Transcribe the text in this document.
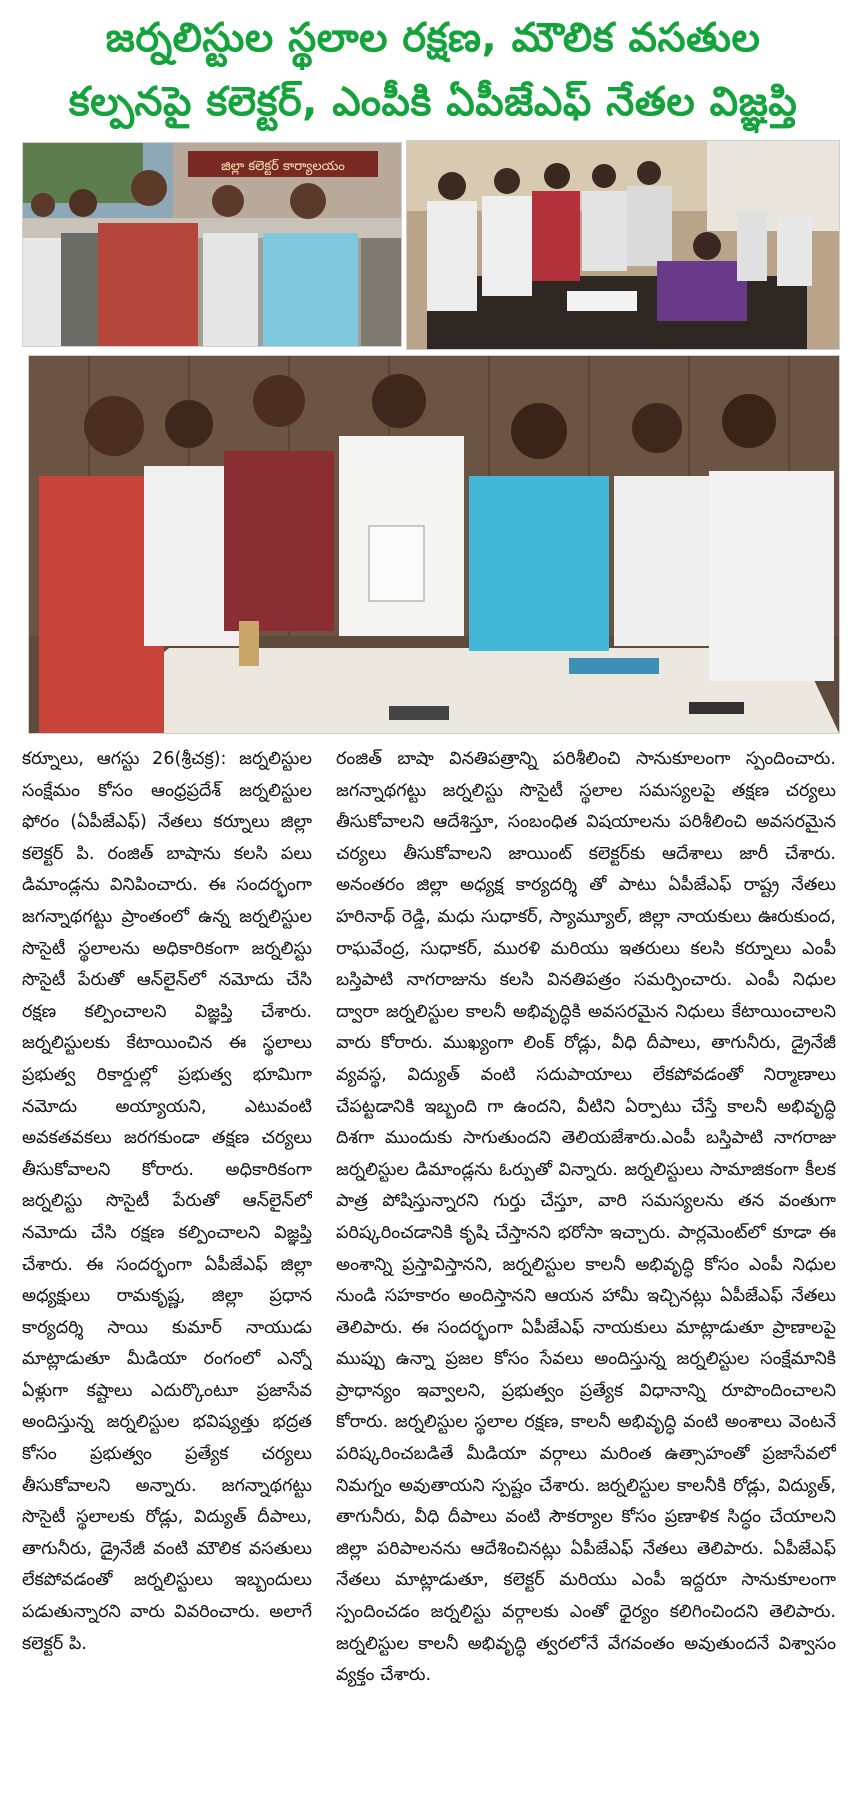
జర్నలిస్టుల స్థలాల రక్షణ, మౌలిక వసతుల
కల్పనపై కలెక్టర్, ఎంపీకి ఏపీజేఎఫ్ నేతల విజ్ఞప్తి
జిల్లా కలెక్టర్ కార్యాలయం

కర్నూలు, ఆగస్టు 26(శ్రీచక్ర): జర్నలిస్టుల సంక్షేమం కోసం ఆంధ్రప్రదేశ్ జర్నలిస్టుల ఫోరం (ఏపీజేఎఫ్) నేతలు కర్నూలు జిల్లా కలెక్టర్ పి. రంజిత్ బాషాను కలసి పలు డిమాండ్లను వినిపించారు. ఈ సందర్భంగా జగన్నాథగట్టు ప్రాంతంలో ఉన్న జర్నలిస్టుల సొసైటీ స్థలాలను అధికారికంగా జర్నలిస్టు సొసైటీ పేరుతో ఆన్‌లైన్‌లో నమోదు చేసి రక్షణ కల్పించాలని విజ్ఞప్తి చేశారు. జర్నలిస్టులకు కేటాయించిన ఈ స్థలాలు ప్రభుత్వ రికార్డుల్లో ప్రభుత్వ భూమిగా నమోదు అయ్యాయని, ఎటువంటి అవకతవకలు జరగకుండా తక్షణ చర్యలు తీసుకోవాలని కోరారు. అధికారికంగా జర్నలిస్టు సొసైటీ పేరుతో ఆన్‌లైన్‌లో నమోదు చేసి రక్షణ కల్పించాలని విజ్ఞప్తి చేశారు. ఈ సందర్భంగా ఏపీజేఎఫ్ జిల్లా అధ్యక్షులు రామకృష్ణ, జిల్లా ప్రధాన కార్యదర్శి సాయి కుమార్ నాయుడు మాట్లాడుతూ మీడియా రంగంలో ఎన్నో ఏళ్లుగా కష్టాలు ఎదుర్కొంటూ ప్రజాసేవ అందిస్తున్న జర్నలిస్టుల భవిష్యత్తు భద్రత కోసం ప్రభుత్వం ప్రత్యేక చర్యలు తీసుకోవాలని అన్నారు. జగన్నాథగట్టు సొసైటీ స్థలాలకు రోడ్లు, విద్యుత్ దీపాలు, తాగునీరు, డ్రైనేజీ వంటి మౌలిక వసతులు లేకపోవడంతో జర్నలిస్టులు ఇబ్బందులు పడుతున్నారని వారు వివరించారు. అలాగే కలెక్టర్ పి.

రంజిత్ బాషా వినతిపత్రాన్ని పరిశీలించి సానుకూలంగా స్పందించారు. జగన్నాథగట్టు జర్నలిస్టు సొసైటీ స్థలాల సమస్యలపై తక్షణ చర్యలు తీసుకోవాలని ఆదేశిస్తూ, సంబంధిత విషయాలను పరిశీలించి అవసరమైన చర్యలు తీసుకోవాలని జాయింట్ కలెక్టర్‌కు ఆదేశాలు జారీ చేశారు. అనంతరం జిల్లా అధ్యక్ష కార్యదర్శి తో పాటు ఏపీజేఎఫ్ రాష్ట్ర నేతలు హరినాథ్ రెడ్డి, మధు సుధాకర్, స్యామ్యూల్, జిల్లా నాయకులు ఊరుకుంద, రాఘవేంద్ర, సుధాకర్, మురళి మరియు ఇతరులు కలసి కర్నూలు ఎంపీ బస్తిపాటి నాగరాజును కలసి వినతిపత్రం సమర్పించారు. ఎంపీ నిధుల ద్వారా జర్నలిస్టుల కాలనీ అభివృద్ధికి అవసరమైన నిధులు కేటాయించాలని వారు కోరారు. ముఖ్యంగా లింక్ రోడ్లు, వీధి దీపాలు, తాగునీరు, డ్రైనేజీ వ్యవస్థ, విద్యుత్ వంటి సదుపాయాలు లేకపోవడంతో నిర్మాణాలు చేపట్టడానికి ఇబ్బంది గా ఉందని, వీటిని ఏర్పాటు చేస్తే కాలనీ అభివృద్ధి దిశగా ముందుకు సాగుతుందని తెలియజేశారు.ఎంపీ బస్తిపాటి నాగరాజు జర్నలిస్టుల డిమాండ్లను ఓర్పుతో విన్నారు. జర్నలిస్టులు సామాజికంగా కీలక పాత్ర పోషిస్తున్నారని గుర్తు చేస్తూ, వారి సమస్యలను తన వంతుగా పరిష్కరించడానికి కృషి చేస్తానని భరోసా ఇచ్చారు. పార్లమెంట్‌లో కూడా ఈ అంశాన్ని ప్రస్తావిస్తానని, జర్నలిస్టుల కాలనీ అభివృద్ధి కోసం ఎంపీ నిధుల నుండి సహకారం అందిస్తానని ఆయన హామీ ఇచ్చినట్లు ఏపీజేఎఫ్ నేతలు తెలిపారు. ఈ సందర్భంగా ఏపీజేఎఫ్ నాయకులు మాట్లాడుతూ ప్రాణాలపై ముప్పు ఉన్నా ప్రజల కోసం సేవలు అందిస్తున్న జర్నలిస్టుల సంక్షేమానికి ప్రాధాన్యం ఇవ్వాలని, ప్రభుత్వం ప్రత్యేక విధానాన్ని రూపొందించాలని కోరారు. జర్నలిస్టుల స్థలాల రక్షణ, కాలనీ అభివృద్ధి వంటి అంశాలు వెంటనే పరిష్కరించబడితే మీడియా వర్గాలు మరింత ఉత్సాహంతో ప్రజాసేవలో నిమగ్నం అవుతాయని స్పష్టం చేశారు. జర్నలిస్టుల కాలనీకి రోడ్లు, విద్యుత్, తాగునీరు, వీధి దీపాలు వంటి సౌకర్యాల కోసం ప్రణాళిక సిద్ధం చేయాలని జిల్లా పరిపాలనను ఆదేశించినట్లు ఏపీజేఎఫ్ నేతలు తెలిపారు. ఏపీజేఎఫ్ నేతలు మాట్లాడుతూ, కలెక్టర్ మరియు ఎంపీ ఇద్దరూ సానుకూలంగా స్పందించడం జర్నలిస్టు వర్గాలకు ఎంతో ధైర్యం కలిగించిందని తెలిపారు. జర్నలిస్టుల కాలనీ అభివృద్ధి త్వరలోనే వేగవంతం అవుతుందనే విశ్వాసం వ్యక్తం చేశారు.
